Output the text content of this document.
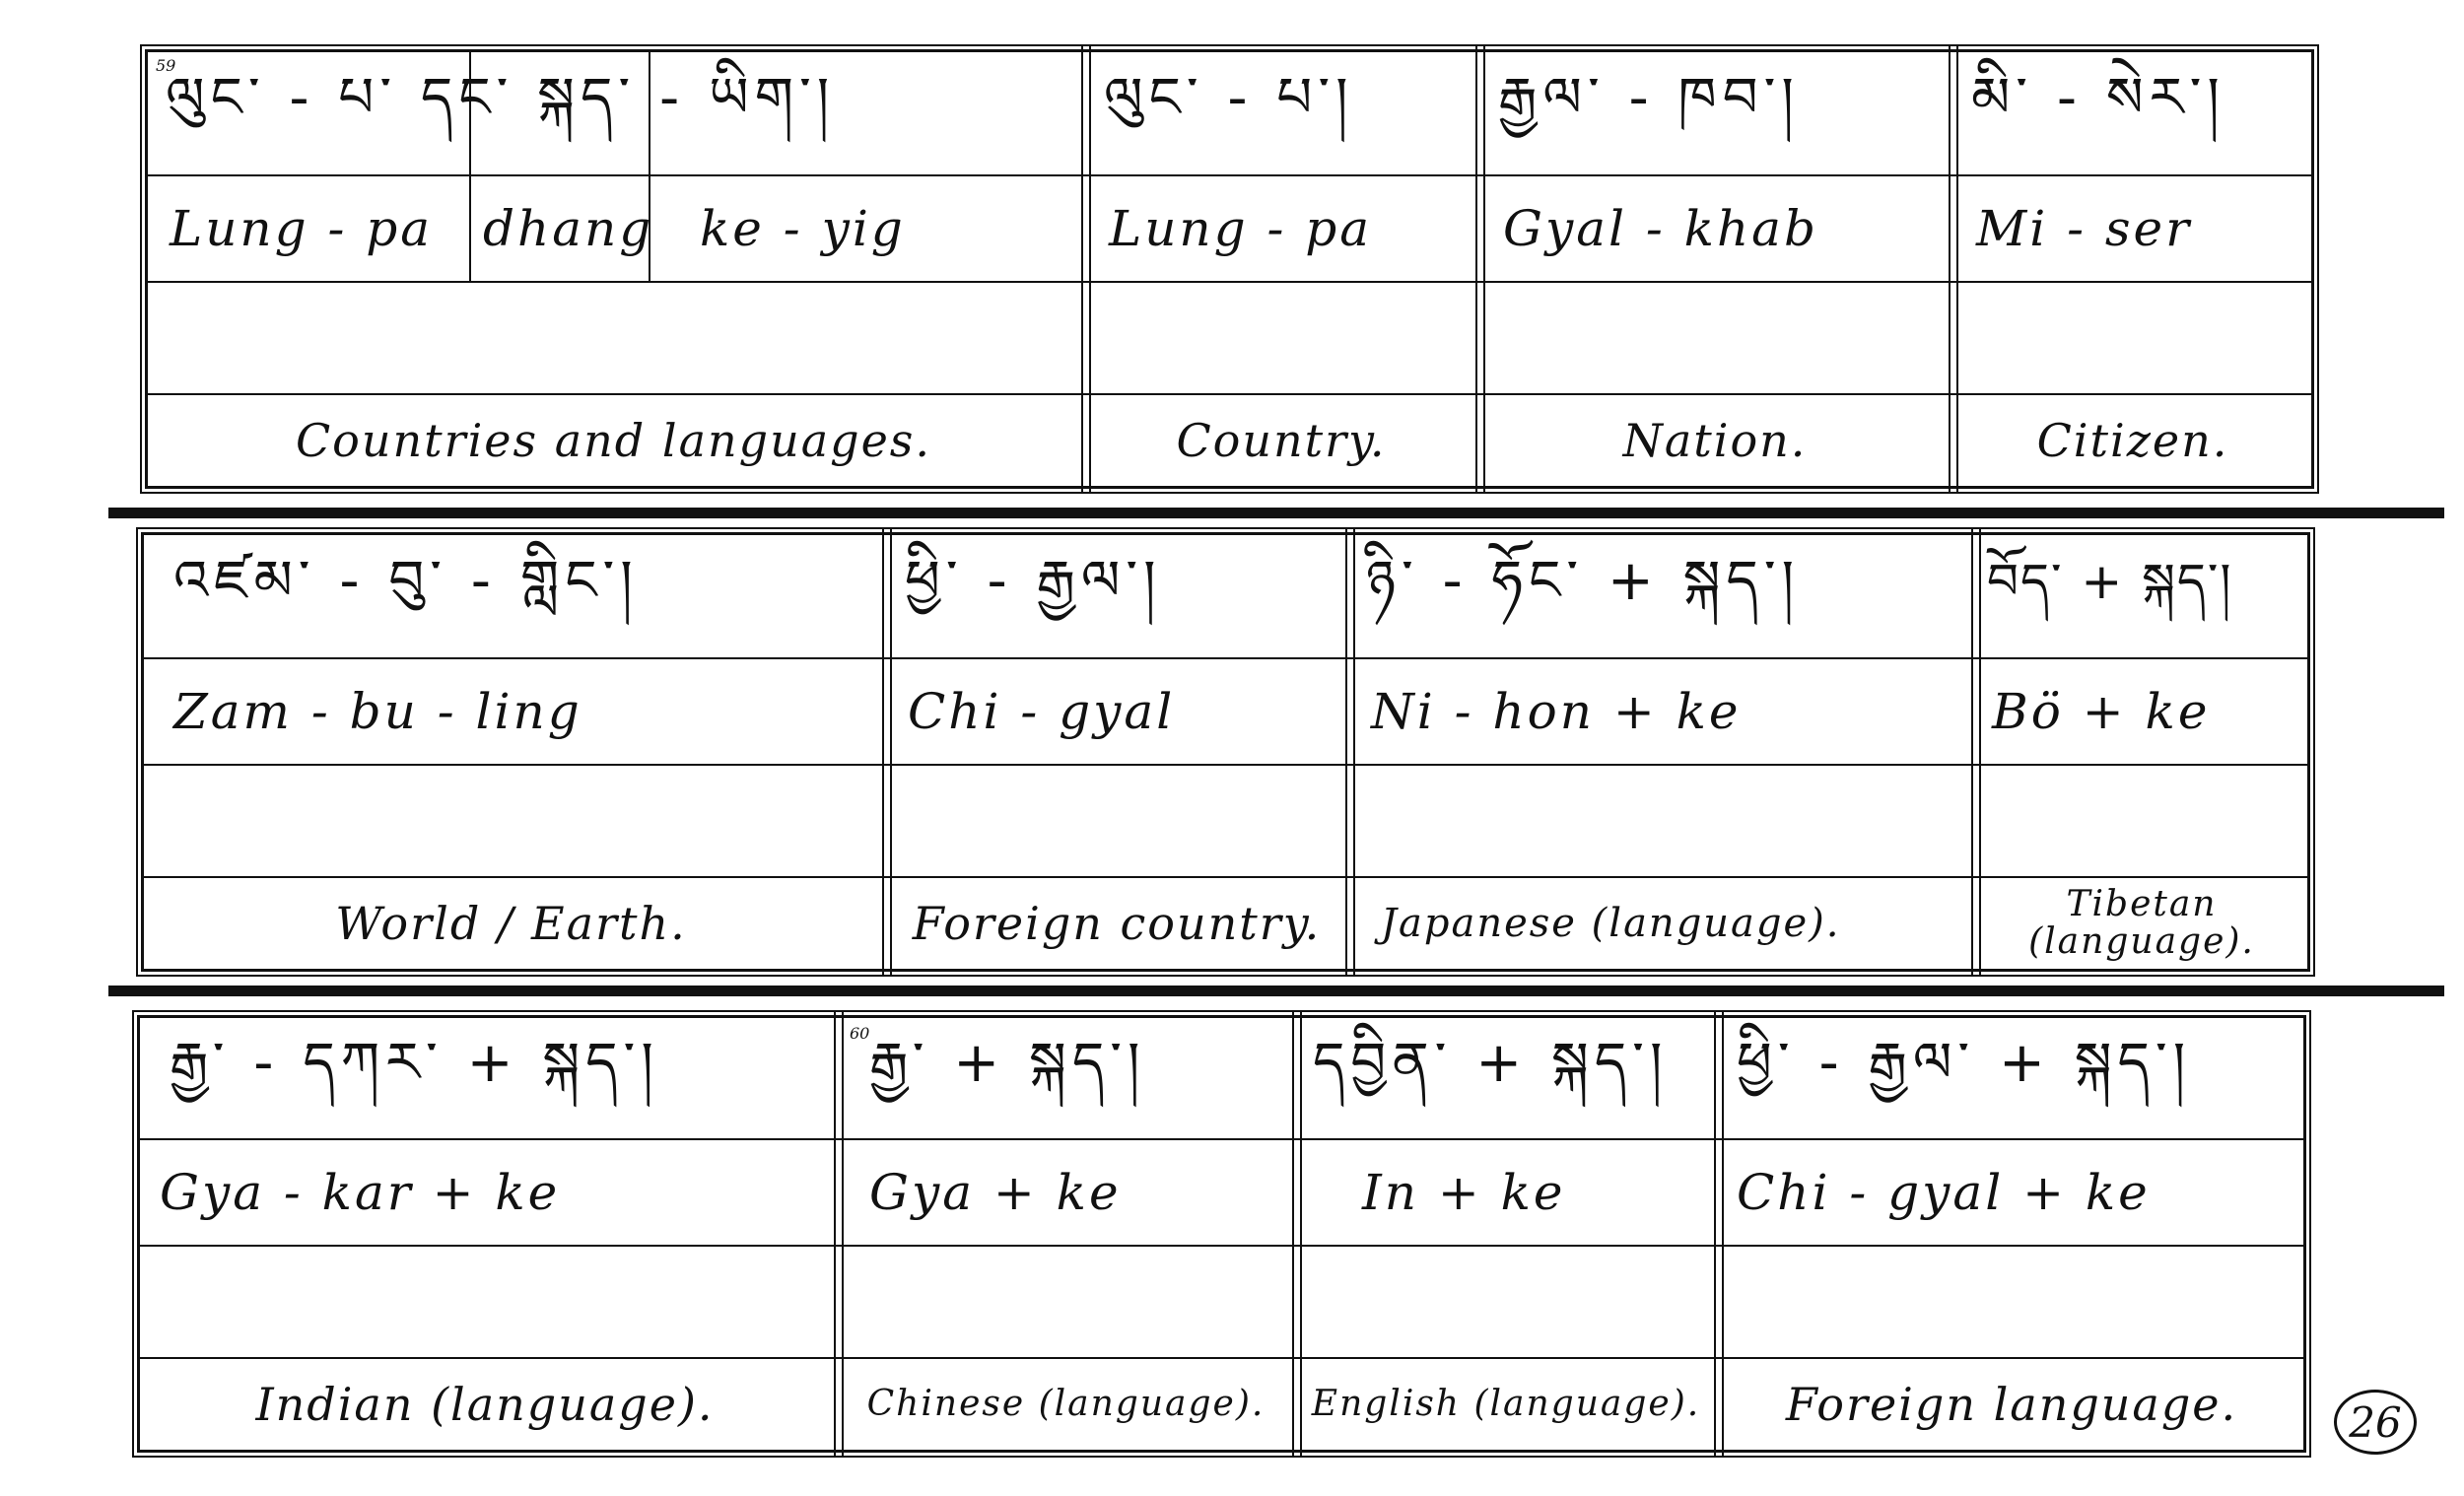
59
ལུང་ - པ་ དང་ སྐད་ - ཡིག་།
Lung - pa	dhang ke - yig
Countries and languages.
ལུང་ - པ་།
Lung - pa
Country.
རྒྱལ་ - ཁབ་།
Gyal - khab
Nation.
མི་ - སེར་།
Mi - ser
Citizen.
འཛམ་ - བུ་ - གླིང་།
Zam - bu - ling
World / Earth.
ཕྱི་ - རྒྱལ་།
Chi - gyal
Foreign country.
ཉི་ - ཧོང་ + སྐད་།
Ni - hon + ke
Japanese (language).
བོད་ + སྐད་།
Bö + ke
Tibetan (language).
60
རྒྱ་ - དཀར་ + སྐད་།
Gya - kar + ke
Indian (language).
རྒྱ་ + སྐད་།
Gya + ke
Chinese (language).
དབྱིན་ + སྐད་།
In + ke
English (language).
ཕྱི་ - རྒྱལ་ + སྐད་།
Chi - gyal + ke
Foreign language.	26
